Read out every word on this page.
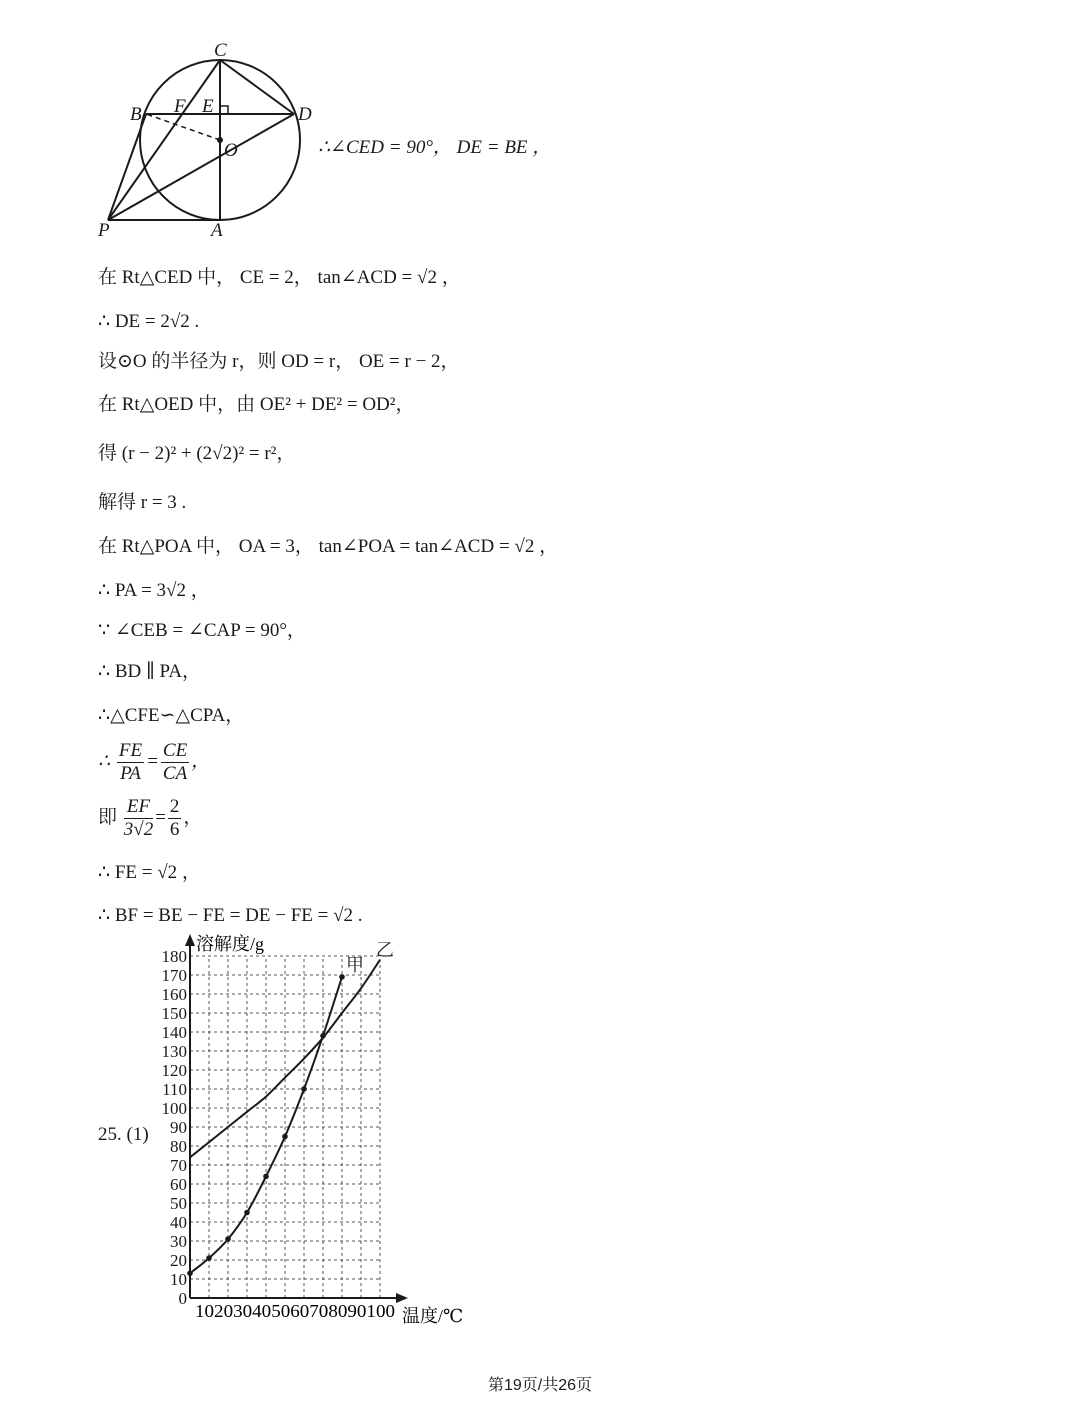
C
B F E	D
O
P	A
∴∠CED = 90°， DE = BE ，
在 Rt△CED 中， CE = 2， tan∠ACD = √2 ，
∴ DE = 2√2 .
设⊙O 的半径为 r，则 OD = r， OE = r − 2，
在 Rt△OED 中，由 OE² + DE² = OD²，
得 (r − 2)² + (2√2)² = r²，
解得 r = 3 .
在 Rt△POA 中， OA = 3， tan∠POA = tan∠ACD = √2 ，
∴ PA = 3√2 ，
∵ ∠CEB = ∠CAP = 90°，
∴ BD ∥ PA，
∴△CFE∽△CPA，
∴ $\frac{FE}{PA} = \frac{CE}{CA}$ ，
即 $\frac{EF}{3√2} = \frac{2}{6}$ ，
∴ FE = √2 ，
∴ BF = BE − FE = DE − FE = √2 .
25. (1)
0
10
20
30
40
50
60
70
80
90
100
110
120
130
140
150
160
170
180	甲
乙
溶解度/g
温度/℃
102030405060708090100
第19页/共26页
